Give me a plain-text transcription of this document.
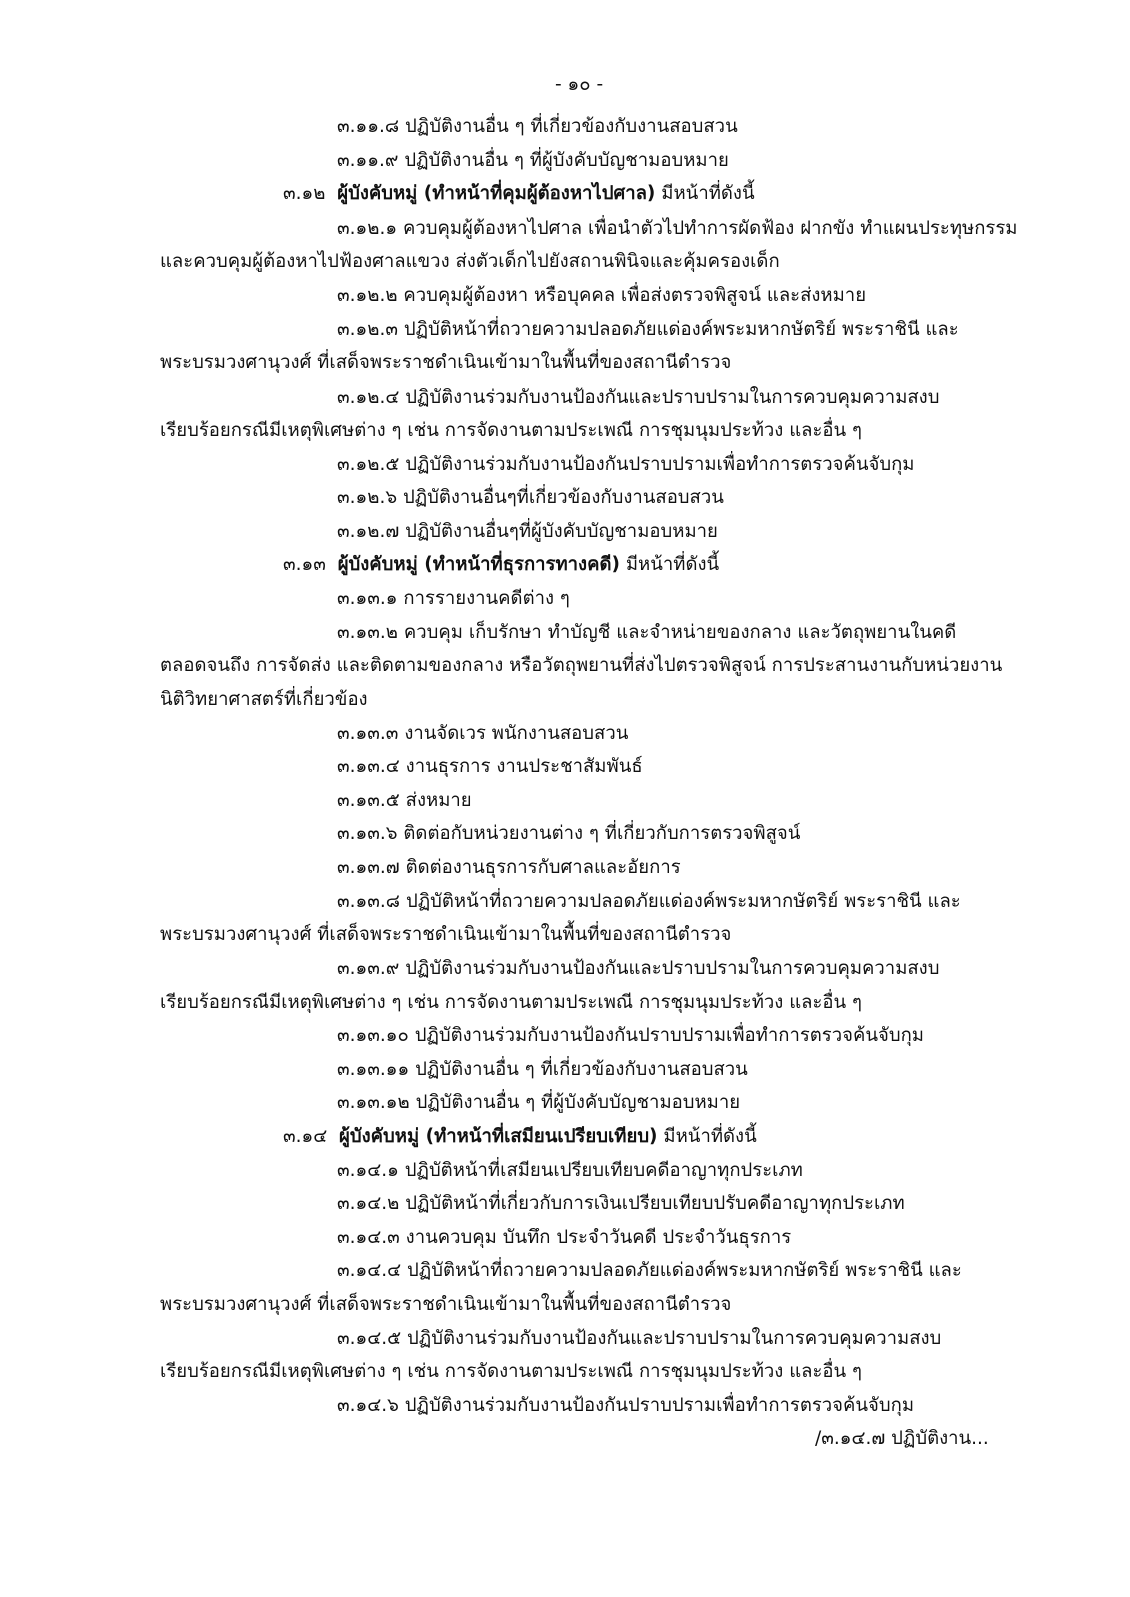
- ๑๐ -
๓.๑๑.๘ ปฏิบัติงานอื่น ๆ ที่เกี่ยวข้องกับงานสอบสวน
๓.๑๑.๙ ปฏิบัติงานอื่น ๆ ที่ผู้บังคับบัญชามอบหมาย
๓.๑๒ ผู้บังคับหมู่ (ทำหน้าที่คุมผู้ต้องหาไปศาล) มีหน้าที่ดังนี้
๓.๑๒.๑ ควบคุมผู้ต้องหาไปศาล เพื่อนำตัวไปทำการผัดฟ้อง ฝากขัง ทำแผนประทุษกรรม
และควบคุมผู้ต้องหาไปฟ้องศาลแขวง ส่งตัวเด็กไปยังสถานพินิจและคุ้มครองเด็ก
๓.๑๒.๒ ควบคุมผู้ต้องหา หรือบุคคล เพื่อส่งตรวจพิสูจน์ และส่งหมาย
๓.๑๒.๓ ปฏิบัติหน้าที่ถวายความปลอดภัยแด่องค์พระมหากษัตริย์ พระราชินี และ
พระบรมวงศานุวงศ์ ที่เสด็จพระราชดำเนินเข้ามาในพื้นที่ของสถานีตำรวจ
๓.๑๒.๔ ปฏิบัติงานร่วมกับงานป้องกันและปราบปรามในการควบคุมความสงบ
เรียบร้อยกรณีมีเหตุพิเศษต่าง ๆ เช่น การจัดงานตามประเพณี การชุมนุมประท้วง และอื่น ๆ
๓.๑๒.๕ ปฏิบัติงานร่วมกับงานป้องกันปราบปรามเพื่อทำการตรวจค้นจับกุม
๓.๑๒.๖ ปฏิบัติงานอื่นๆที่เกี่ยวข้องกับงานสอบสวน
๓.๑๒.๗ ปฏิบัติงานอื่นๆที่ผู้บังคับบัญชามอบหมาย
๓.๑๓ ผู้บังคับหมู่ (ทำหน้าที่ธุรการทางคดี) มีหน้าที่ดังนี้
๓.๑๓.๑ การรายงานคดีต่าง ๆ
๓.๑๓.๒ ควบคุม เก็บรักษา ทำบัญชี และจำหน่ายของกลาง และวัตถุพยานในคดี
ตลอดจนถึง การจัดส่ง และติดตามของกลาง หรือวัตถุพยานที่ส่งไปตรวจพิสูจน์ การประสานงานกับหน่วยงาน
นิติวิทยาศาสตร์ที่เกี่ยวข้อง
๓.๑๓.๓ งานจัดเวร พนักงานสอบสวน
๓.๑๓.๔ งานธุรการ งานประชาสัมพันธ์
๓.๑๓.๕ ส่งหมาย
๓.๑๓.๖ ติดต่อกับหน่วยงานต่าง ๆ ที่เกี่ยวกับการตรวจพิสูจน์
๓.๑๓.๗ ติดต่องานธุรการกับศาลและอัยการ
๓.๑๓.๘ ปฏิบัติหน้าที่ถวายความปลอดภัยแด่องค์พระมหากษัตริย์ พระราชินี และ
พระบรมวงศานุวงศ์ ที่เสด็จพระราชดำเนินเข้ามาในพื้นที่ของสถานีตำรวจ
๓.๑๓.๙ ปฏิบัติงานร่วมกับงานป้องกันและปราบปรามในการควบคุมความสงบ
เรียบร้อยกรณีมีเหตุพิเศษต่าง ๆ เช่น การจัดงานตามประเพณี การชุมนุมประท้วง และอื่น ๆ
๓.๑๓.๑๐ ปฏิบัติงานร่วมกับงานป้องกันปราบปรามเพื่อทำการตรวจค้นจับกุม
๓.๑๓.๑๑ ปฏิบัติงานอื่น ๆ ที่เกี่ยวข้องกับงานสอบสวน
๓.๑๓.๑๒ ปฏิบัติงานอื่น ๆ ที่ผู้บังคับบัญชามอบหมาย
๓.๑๔ ผู้บังคับหมู่ (ทำหน้าที่เสมียนเปรียบเทียบ) มีหน้าที่ดังนี้
๓.๑๔.๑ ปฏิบัติหน้าที่เสมียนเปรียบเทียบคดีอาญาทุกประเภท
๓.๑๔.๒ ปฏิบัติหน้าที่เกี่ยวกับการเงินเปรียบเทียบปรับคดีอาญาทุกประเภท
๓.๑๔.๓ งานควบคุม บันทึก ประจำวันคดี ประจำวันธุรการ
๓.๑๔.๔ ปฏิบัติหน้าที่ถวายความปลอดภัยแด่องค์พระมหากษัตริย์ พระราชินี และ
พระบรมวงศานุวงศ์ ที่เสด็จพระราชดำเนินเข้ามาในพื้นที่ของสถานีตำรวจ
๓.๑๔.๕ ปฏิบัติงานร่วมกับงานป้องกันและปราบปรามในการควบคุมความสงบ
เรียบร้อยกรณีมีเหตุพิเศษต่าง ๆ เช่น การจัดงานตามประเพณี การชุมนุมประท้วง และอื่น ๆ
๓.๑๔.๖ ปฏิบัติงานร่วมกับงานป้องกันปราบปรามเพื่อทำการตรวจค้นจับกุม
/๓.๑๔.๗ ปฏิบัติงาน...
